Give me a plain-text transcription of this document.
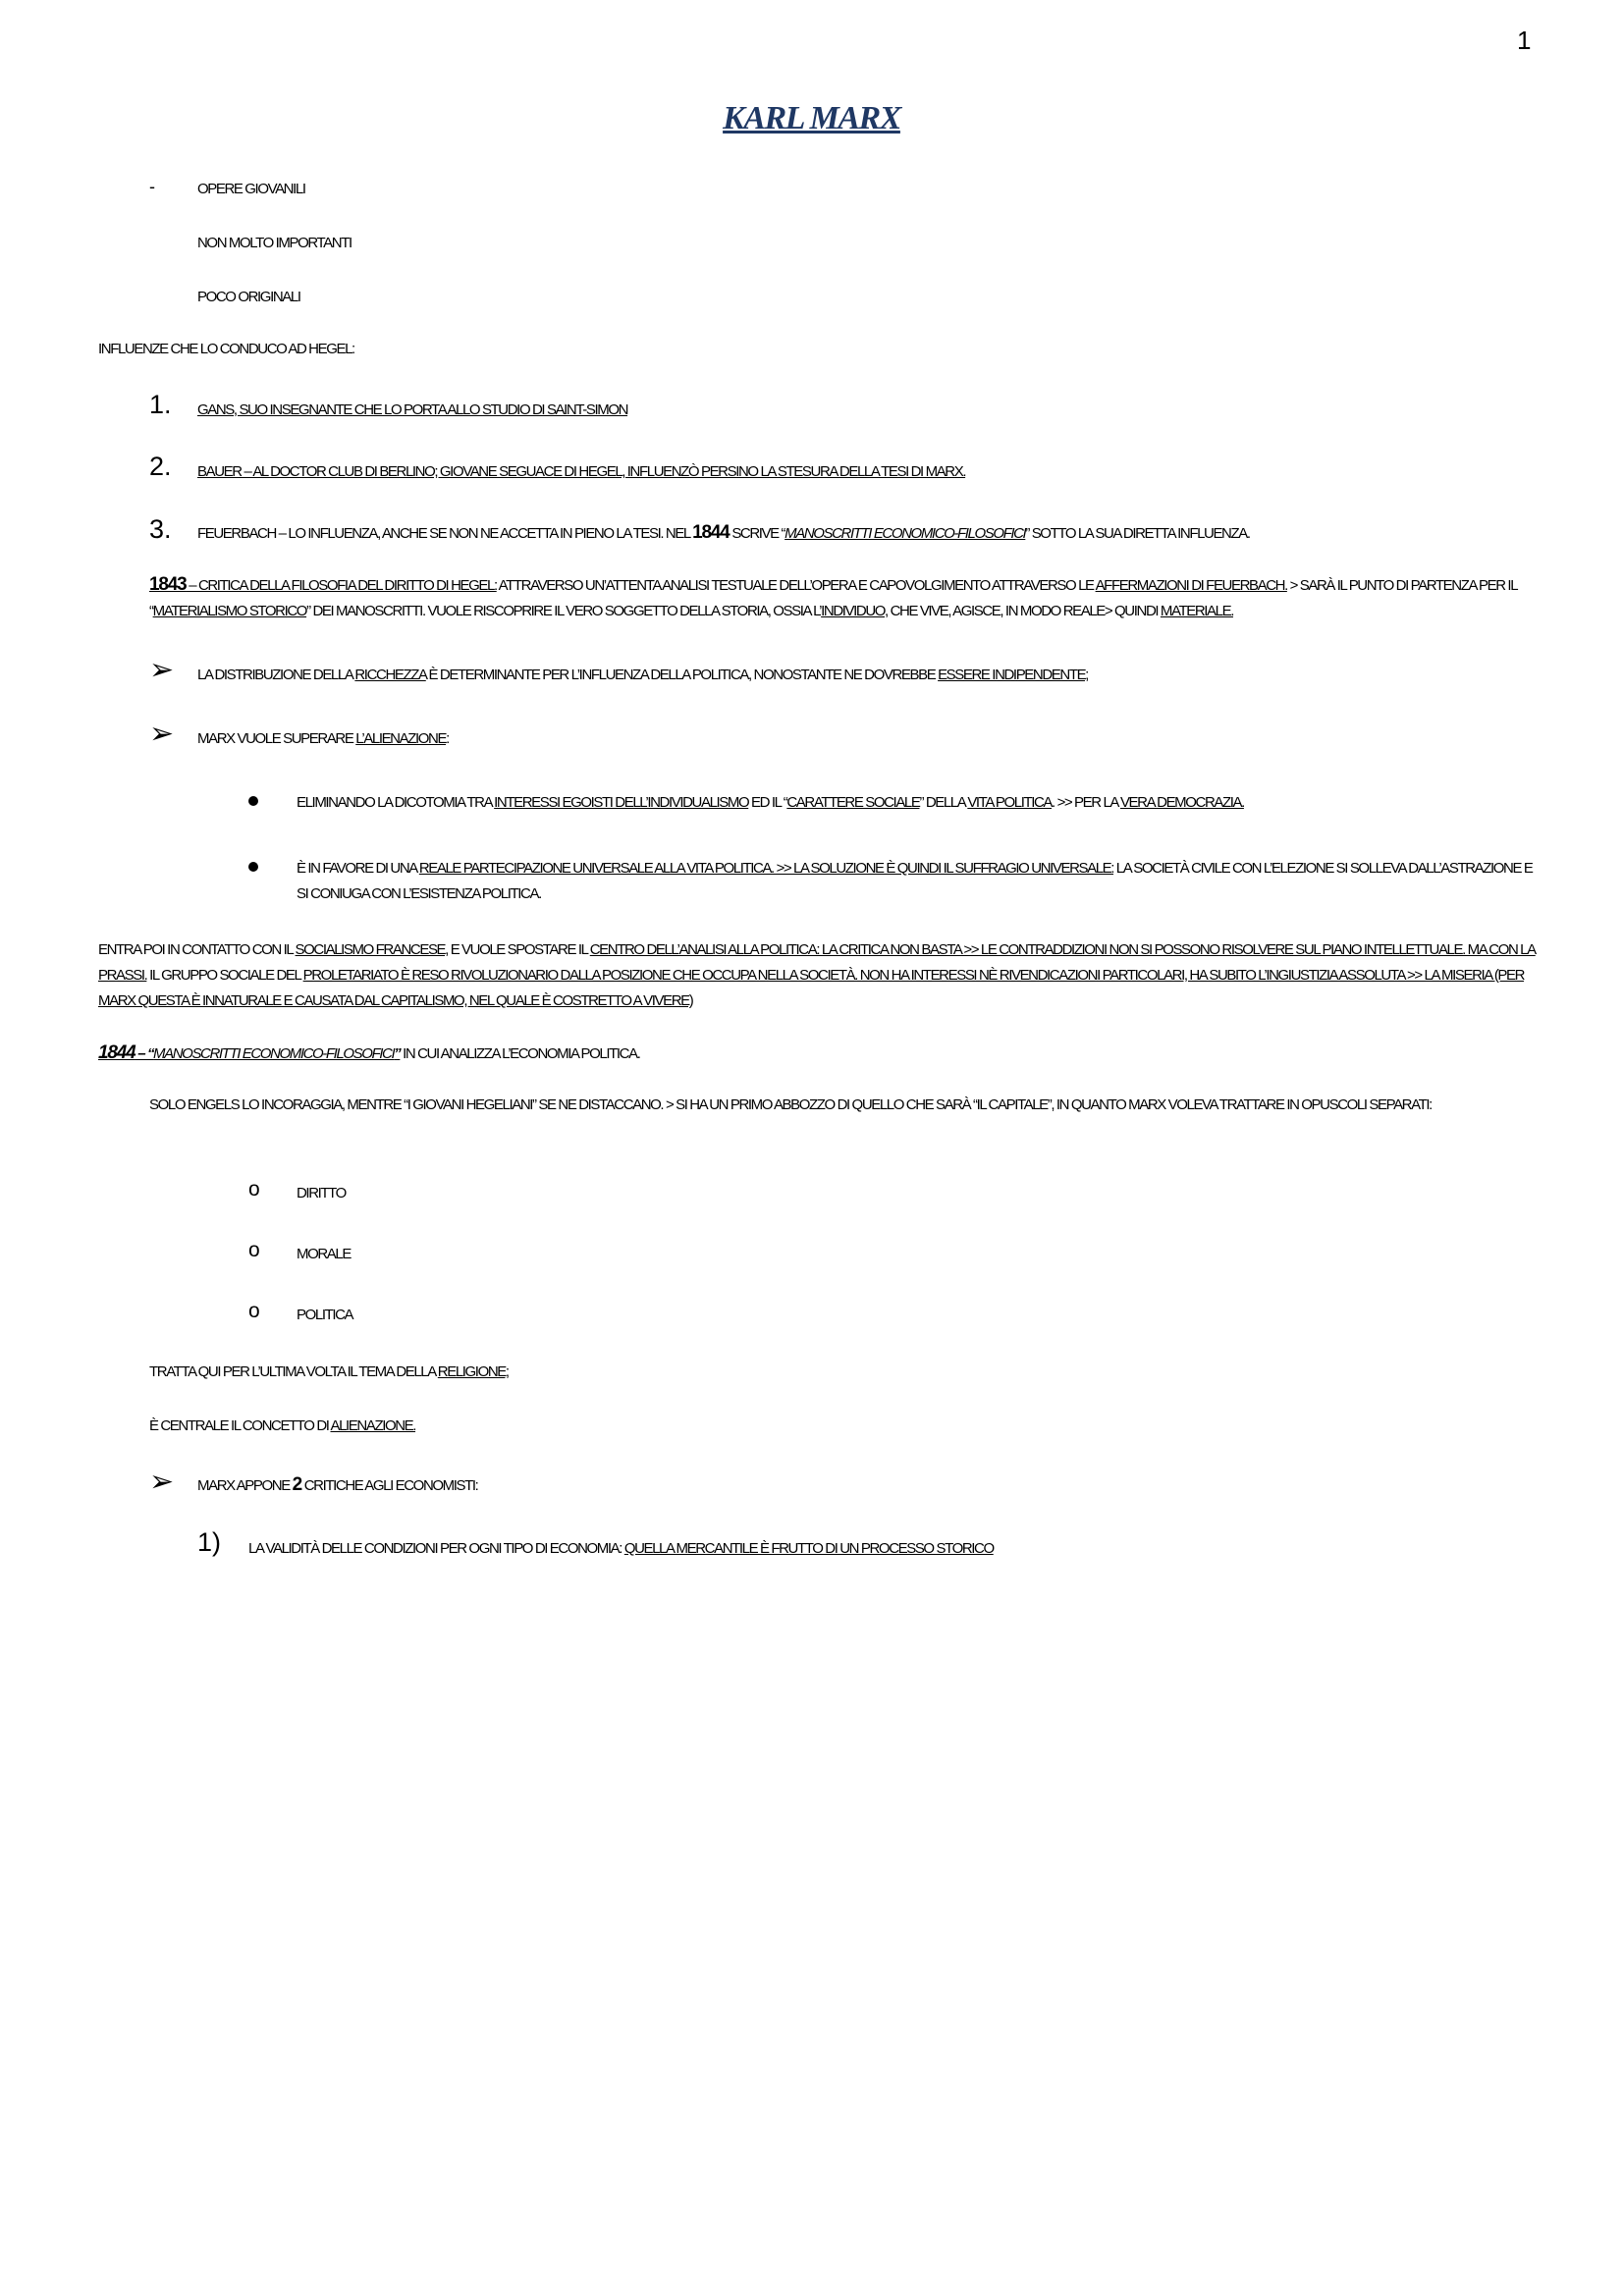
1
KARL MARX
-	OPERE GIOVANILI
NON MOLTO IMPORTANTI
POCO ORIGINALI
INFLUENZE CHE LO CONDUCO AD HEGEL:
1. GANS, SUO INSEGNANTE CHE LO PORTA ALLO STUDIO DI SAINT-SIMON
2. BAUER – AL DOCTOR CLUB DI BERLINO; GIOVANE SEGUACE DI HEGEL, INFLUENZÒ PERSINO LA STESURA DELLA TESI DI MARX.
3. FEUERBACH – LO INFLUENZA, ANCHE SE NON NE ACCETTA IN PIENO LA TESI. NEL 1844 SCRIVE “MANOSCRITTI ECONOMICO-FILOSOFICI” SOTTO LA SUA DIRETTA INFLUENZA.
1843 – CRITICA DELLA FILOSOFIA DEL DIRITTO DI HEGEL: ATTRAVERSO UN’ATTENTA ANALISI TESTUALE DELL’OPERA E CAPOVOLGIMENTO ATTRAVERSO LE AFFERMAZIONI DI FEUERBACH. > SARÀ IL PUNTO DI PARTENZA PER IL “MATERIALISMO STORICO” DEI MANOSCRITTI. VUOLE RISCOPRIRE IL VERO SOGGETTO DELLA STORIA, OSSIA L’INDIVIDUO, CHE VIVE, AGISCE, IN MODO REALE> QUINDI MATERIALE.
➢ LA DISTRIBUZIONE DELLA RICCHEZZA È DETERMINANTE PER L’INFLUENZA DELLA POLITICA, NONOSTANTE NE DOVREBBE ESSERE INDIPENDENTE;
➢ MARX VUOLE SUPERARE L’ALIENAZIONE:
ELIMINANDO LA DICOTOMIA TRA INTERESSI EGOISTI DELL’INDIVIDUALISMO ED IL “CARATTERE SOCIALE” DELLA VITA POLITICA. >> PER LA VERA DEMOCRAZIA.
È IN FAVORE DI UNA REALE PARTECIPAZIONE UNIVERSALE ALLA VITA POLITICA. >> LA SOLUZIONE È QUINDI IL SUFFRAGIO UNIVERSALE: LA SOCIETÀ CIVILE CON L’ELEZIONE SI SOLLEVA DALL’ASTRAZIONE E SI CONIUGA CON L’ESISTENZA POLITICA.
ENTRA POI IN CONTATTO CON IL SOCIALISMO FRANCESE, E VUOLE SPOSTARE IL CENTRO DELL’ANALISI ALLA POLITICA: LA CRITICA NON BASTA >> LE CONTRADDIZIONI NON SI POSSONO RISOLVERE SUL PIANO INTELLETTUALE. MA CON LA PRASSI. IL GRUPPO SOCIALE DEL PROLETARIATO È RESO RIVOLUZIONARIO DALLA POSIZIONE CHE OCCUPA NELLA SOCIETÀ. NON HA INTERESSI NÈ RIVENDICAZIONI PARTICOLARI, HA SUBITO L’INGIUSTIZIA ASSOLUTA >> LA MISERIA (PER MARX QUESTA È INNATURALE E CAUSATA DAL CAPITALISMO, NEL QUALE È COSTRETTO A VIVERE)
1844 – “MANOSCRITTI ECONOMICO-FILOSOFICI” IN CUI ANALIZZA L’ECONOMIA POLITICA.
SOLO ENGELS LO INCORAGGIA, MENTRE “I GIOVANI HEGELIANI” SE NE DISTACCANO. > SI HA UN PRIMO ABBOZZO DI QUELLO CHE SARÀ “IL CAPITALE”, IN QUANTO MARX VOLEVA TRATTARE IN OPUSCOLI SEPARATI:
o DIRITTO
o MORALE
o POLITICA
TRATTA QUI PER L’ULTIMA VOLTA IL TEMA DELLA RELIGIONE;
È CENTRALE IL CONCETTO DI ALIENAZIONE.
➢ MARX APPONE 2 CRITICHE AGLI ECONOMISTI:
1) LA VALIDITÀ DELLE CONDIZIONI PER OGNI TIPO DI ECONOMIA: QUELLA MERCANTILE È FRUTTO DI UN PROCESSO STORICO
